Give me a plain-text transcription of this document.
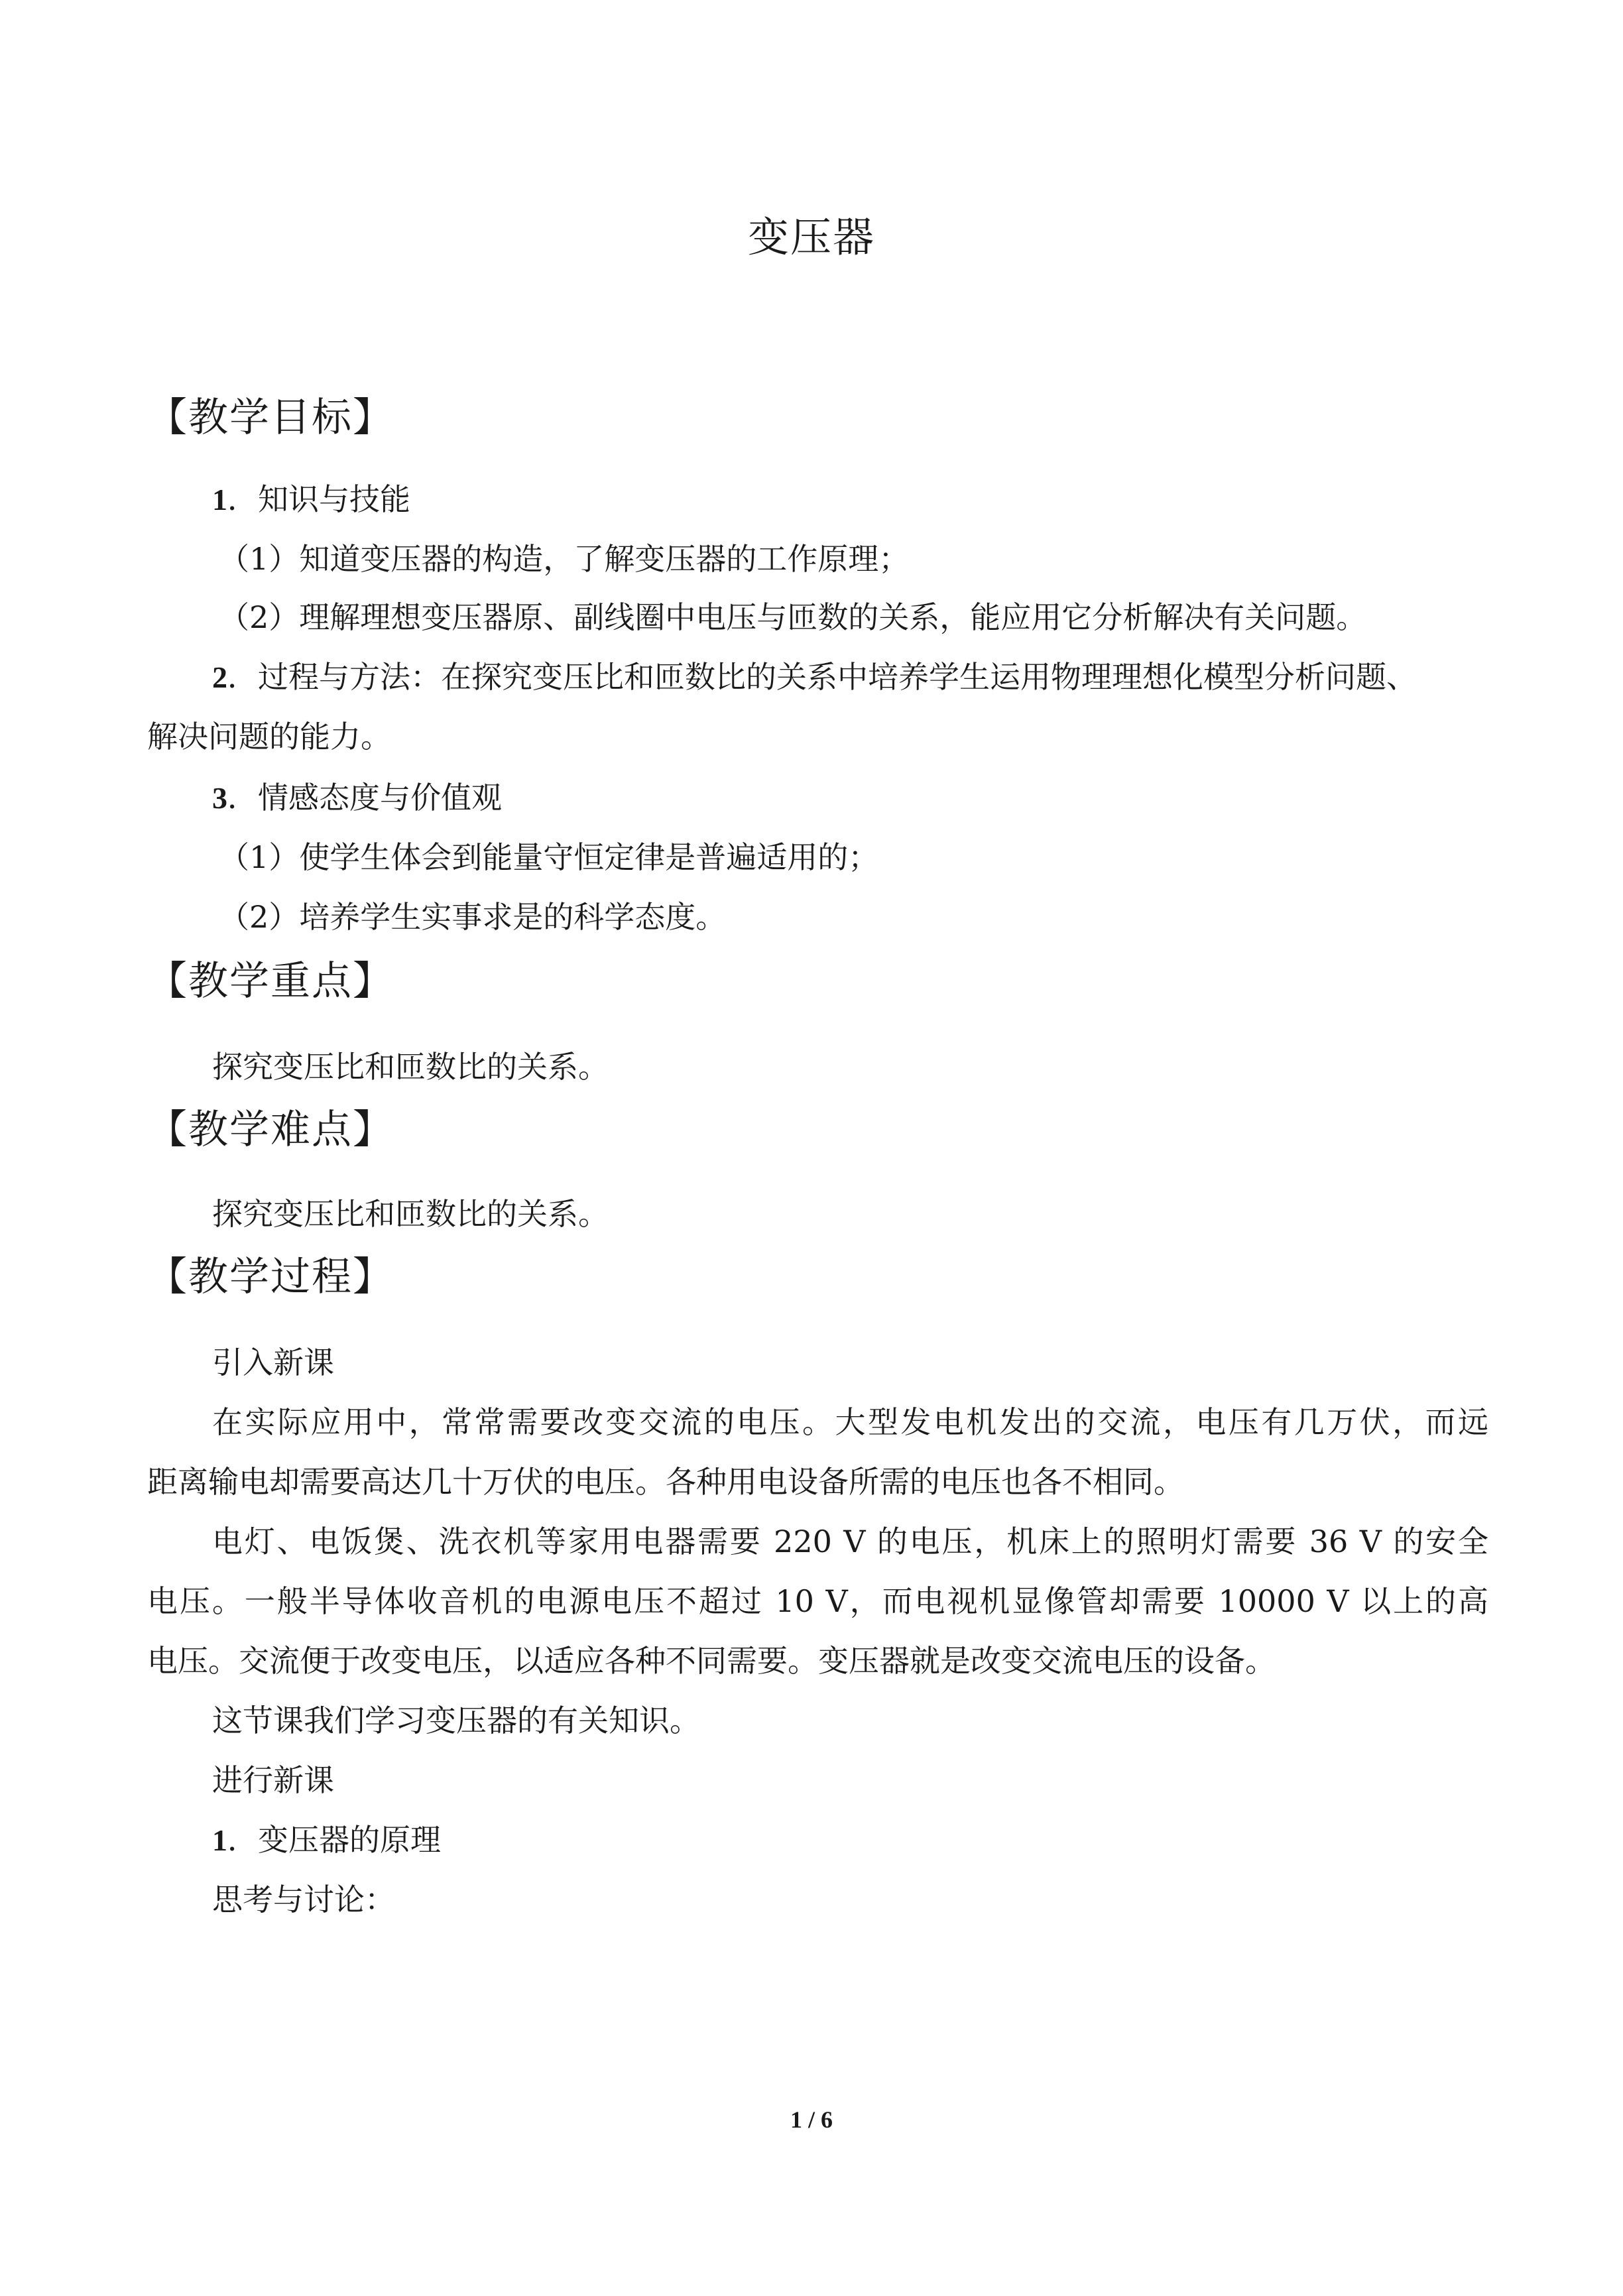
变压器
【教学目标】
1．知识与技能
（1）知道变压器的构造，了解变压器的工作原理；
（2）理解理想变压器原、副线圈中电压与匝数的关系，能应用它分析解决有关问题。
2．过程与方法：在探究变压比和匝数比的关系中培养学生运用物理理想化模型分析问题、
解决问题的能力。
3．情感态度与价值观
（1）使学生体会到能量守恒定律是普遍适用的；
（2）培养学生实事求是的科学态度。
【教学重点】
探究变压比和匝数比的关系。
【教学难点】
探究变压比和匝数比的关系。
【教学过程】
引入新课
在实际应用中，常常需要改变交流的电压。大型发电机发出的交流，电压有几万伏，而远
距离输电却需要高达几十万伏的电压。各种用电设备所需的电压也各不相同。
电灯、电饭煲、洗衣机等家用电器需要 220 V 的电压，机床上的照明灯需要 36 V 的安全
电压。一般半导体收音机的电源电压不超过 10 V，而电视机显像管却需要 10000 V 以上的高
电压。交流便于改变电压，以适应各种不同需要。变压器就是改变交流电压的设备。
这节课我们学习变压器的有关知识。
进行新课
1．变压器的原理
思考与讨论：
1 / 6
